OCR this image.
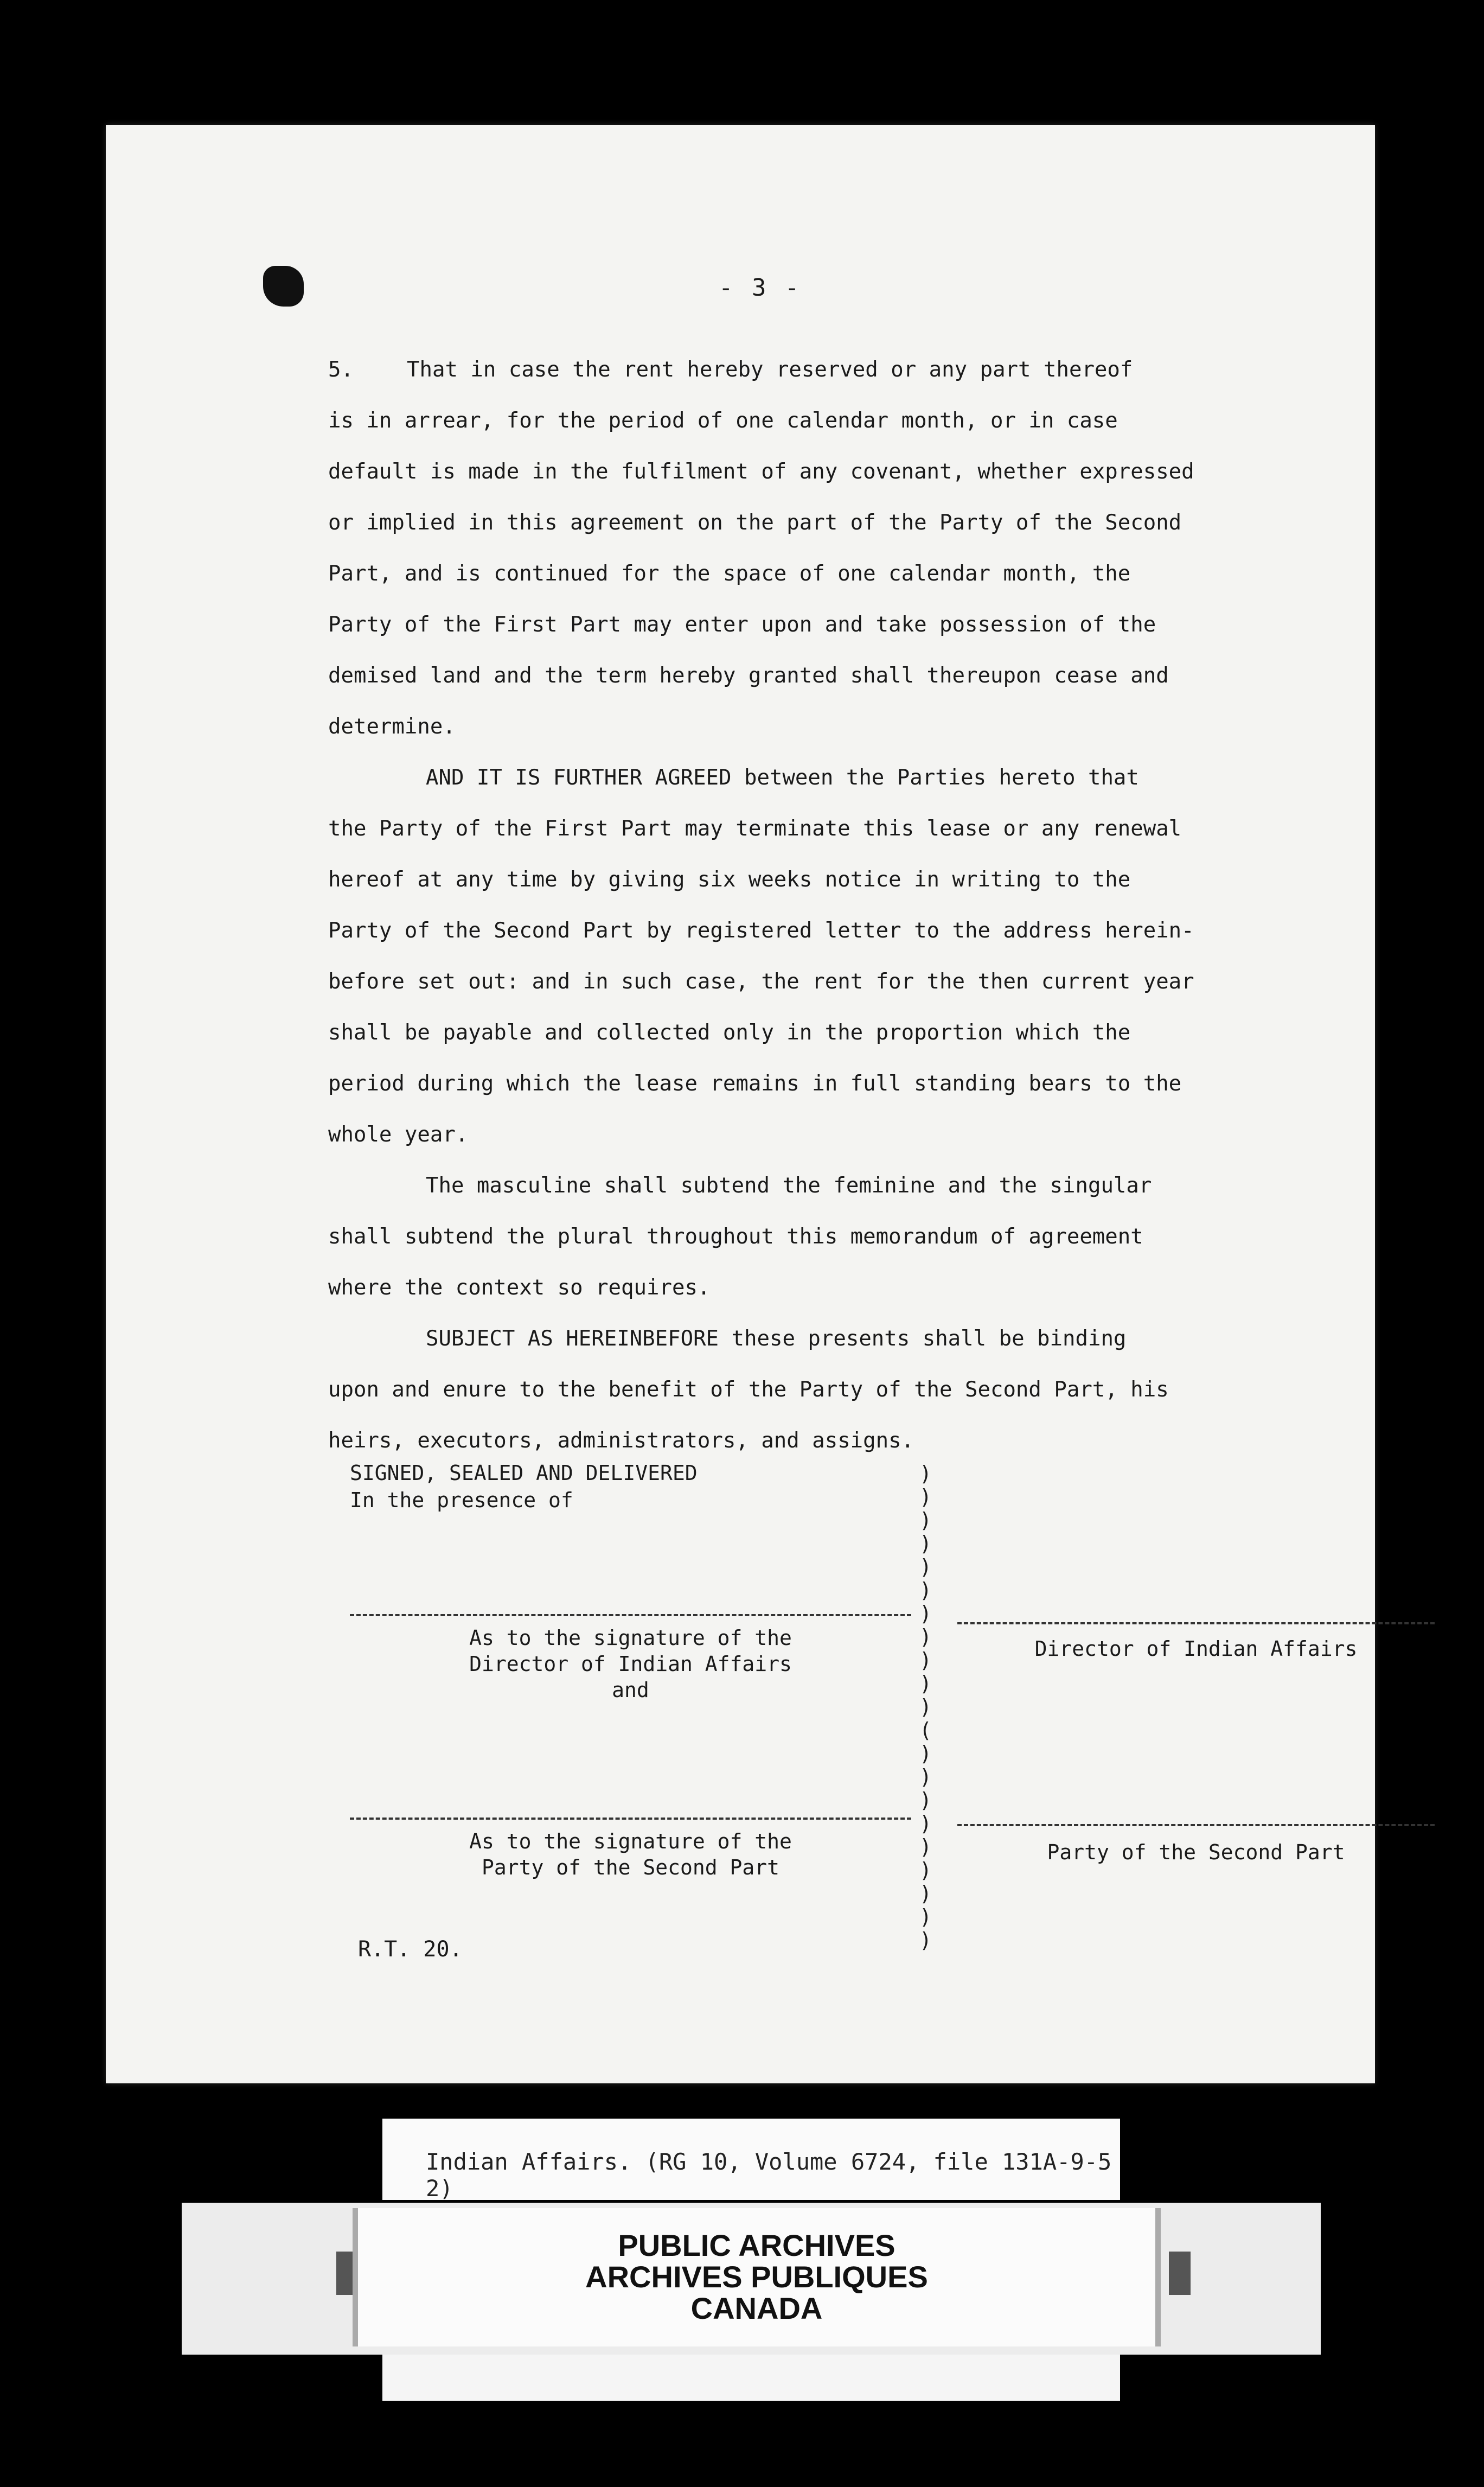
- 3 -

5.	That in case the rent hereby reserved or any part thereof
is in arrear, for the period of one calendar month, or in case
default is made in the fulfilment of any covenant, whether expressed
or implied in this agreement on the part of the Party of the Second
Part, and is continued for the space of one calendar month, the
Party of the First Part may enter upon and take possession of the
demised land and the term hereby granted shall thereupon cease and
determine.

AND IT IS FURTHER AGREED between the Parties hereto that
the Party of the First Part may terminate this lease or any renewal
hereof at any time by giving six weeks notice in writing to the
Party of the Second Part by registered letter to the address herein-
before set out: and in such case, the rent for the then current year
shall be payable and collected only in the proportion which the
period during which the lease remains in full standing bears to the
whole year.

The masculine shall subtend the feminine and the singular
shall subtend the plural throughout this memorandum of agreement
where the context so requires.

SUBJECT AS HEREINBEFORE these presents shall be binding
upon and enure to the benefit of the Party of the Second Part, his
heirs, executors, administrators, and assigns.

SIGNED, SEALED AND DELIVERED
In the presence of
)
)
)
)
)
)
)
)
)
)
)
(
)
)
)
)
)
)
)
)
)
As to the signature of the
Director of Indian Affairs
and
Director of Indian Affairs
As to the signature of the
Party of the Second Part
Party of the Second Part
R.T. 20.
Indian Affairs. (RG 10, Volume 6724, file 131A-9-5 2)
PUBLIC ARCHIVES
ARCHIVES PUBLIQUES
CANADA
